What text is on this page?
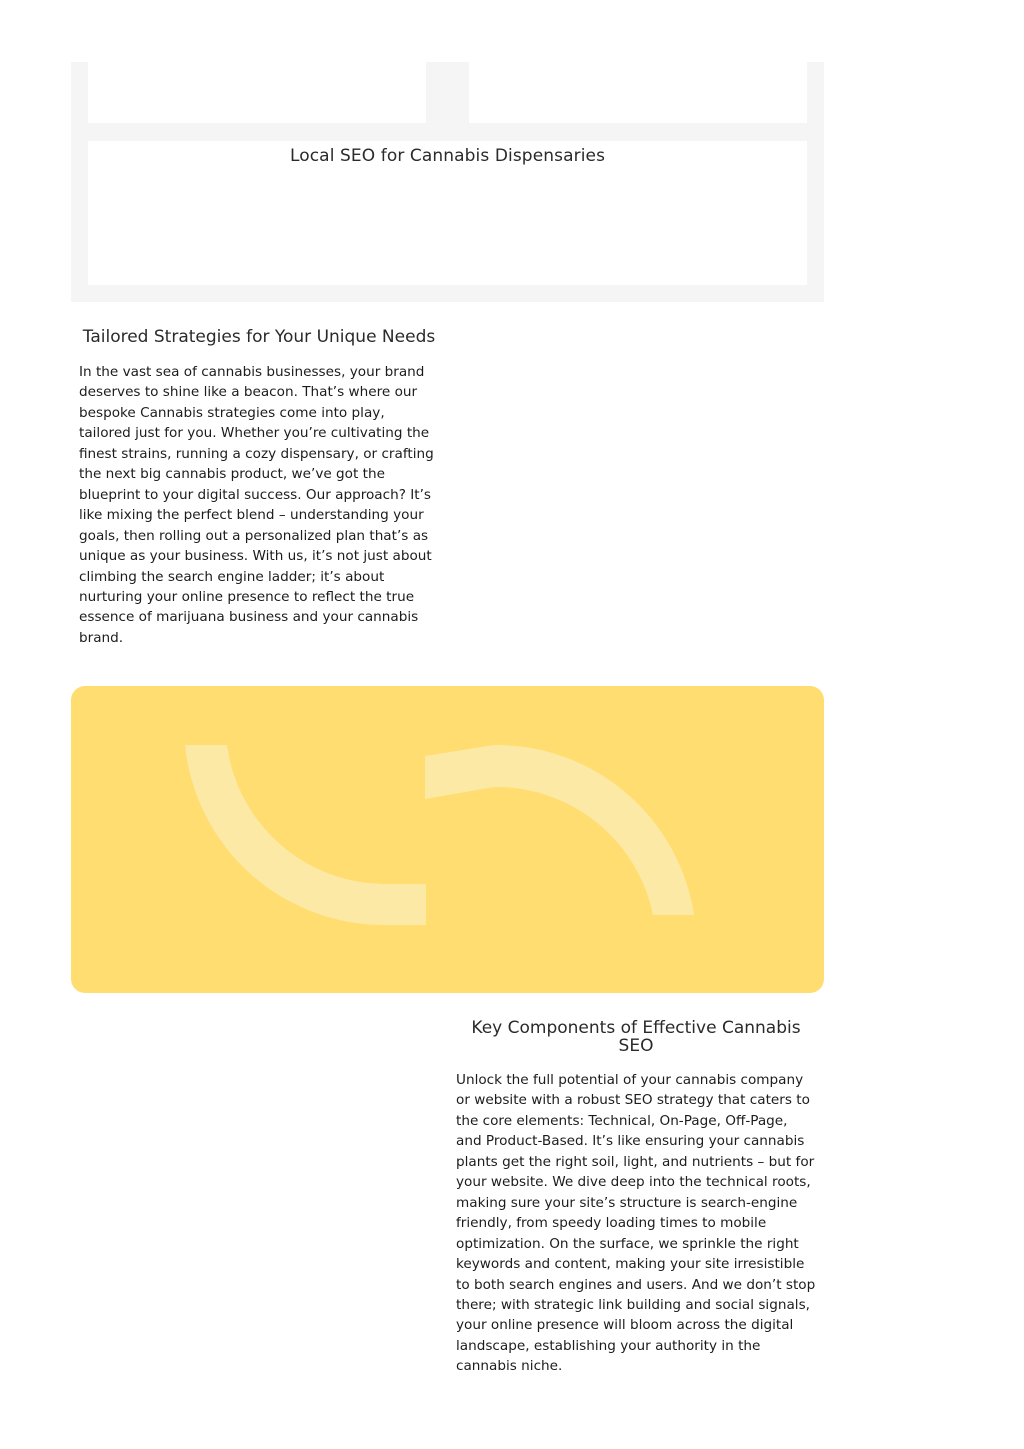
Local SEO for Cannabis Dispensaries
Tailored Strategies for Your Unique Needs

In the vast sea of cannabis businesses, your brand deserves to shine like a beacon. That’s where our bespoke Cannabis strategies come into play, tailored just for you. Whether you’re cultivating the finest strains, running a cozy dispensary, or crafting the next big cannabis product, we’ve got the blueprint to your digital success. Our approach? It’s like mixing the perfect blend – understanding your goals, then rolling out a personalized plan that’s as unique as your business. With us, it’s not just about climbing the search engine ladder; it’s about nurturing your online presence to reflect the true essence of marijuana business and your cannabis brand.

Key Components of Effective Cannabis SEO

Unlock the full potential of your cannabis company or website with a robust SEO strategy that caters to the core elements: Technical, On-Page, Off-Page, and Product-Based. It’s like ensuring your cannabis plants get the right soil, light, and nutrients – but for your website. We dive deep into the technical roots, making sure your site’s structure is search-engine friendly, from speedy loading times to mobile optimization. On the surface, we sprinkle the right keywords and content, making your site irresistible to both search engines and users. And we don’t stop there; with strategic link building and social signals, your online presence will bloom across the digital landscape, establishing your authority in the cannabis niche.
